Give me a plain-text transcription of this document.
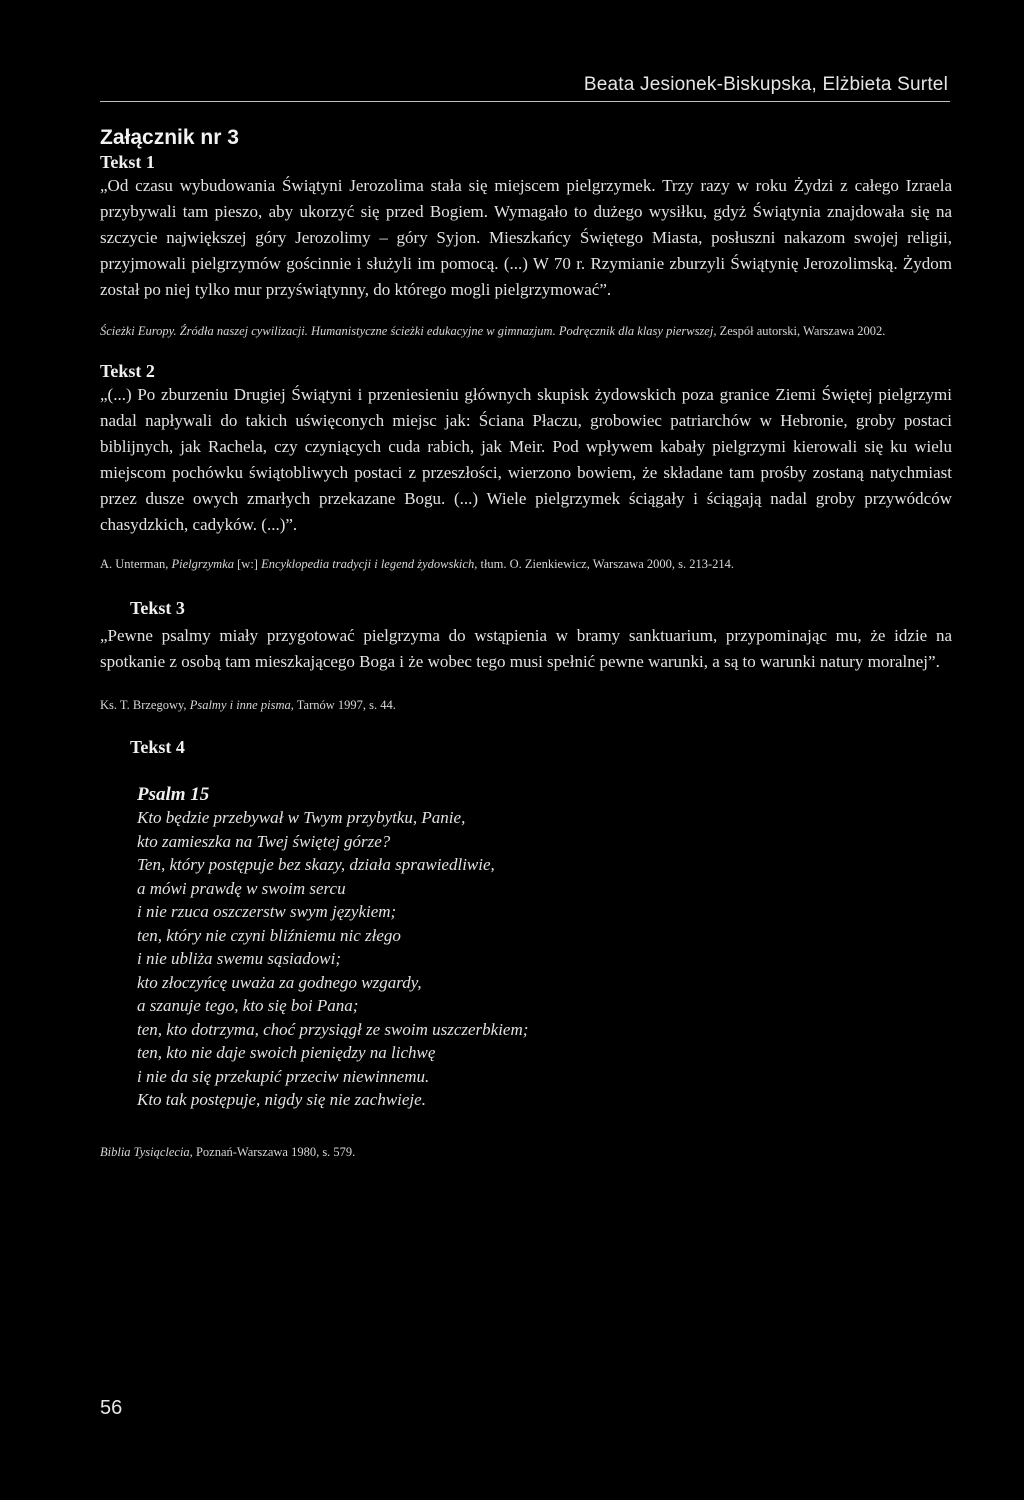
Beata Jesionek-Biskupska, Elżbieta Surtel
Załącznik nr 3
Tekst 1

„Od czasu wybudowania Świątyni Jerozolima stała się miejscem pielgrzymek. Trzy razy w roku Żydzi z całego Izraela przybywali tam pieszo, aby ukorzyć się przed Bogiem. Wymagało to dużego wysiłku, gdyż Świątynia znajdowała się na szczycie największej góry Jerozolimy – góry Syjon. Mieszkańcy Świętego Miasta, posłuszni nakazom swojej religii, przyjmowali pielgrzymów gościnnie i służyli im pomocą. (...) W 70 r. Rzymianie zburzyli Świątynię Jerozolimską. Żydom został po niej tylko mur przyświątynny, do którego mogli pielgrzymować”.

Ścieżki Europy. Źródła naszej cywilizacji. Humanistyczne ścieżki edukacyjne w gimnazjum. Podręcznik dla klasy pierwszej, Zespół autorski, Warszawa 2002.

Tekst 2

„(...) Po zburzeniu Drugiej Świątyni i przeniesieniu głównych skupisk żydowskich poza granice Ziemi Świętej pielgrzymi nadal napływali do takich uświęconych miejsc jak: Ściana Płaczu, grobowiec patriarchów w Hebronie, groby postaci biblijnych, jak Rachela, czy czyniących cuda rabich, jak Meir. Pod wpływem kabały pielgrzymi kierowali się ku wielu miejscom pochówku świątobliwych postaci z przeszłości, wierzono bowiem, że składane tam prośby zostaną natychmiast przez dusze owych zmarłych przekazane Bogu. (...) Wiele pielgrzymek ściągały i ściągają nadal groby przywódców chasydzkich, cadyków. (...)”.

A. Unterman, Pielgrzymka [w:] Encyklopedia tradycji i legend żydowskich, tłum. O. Zienkiewicz, Warszawa 2000, s. 213-214.

Tekst 3

„Pewne psalmy miały przygotować pielgrzyma do wstąpienia w bramy sanktuarium, przypominając mu, że idzie na spotkanie z osobą tam mieszkającego Boga i że wobec tego musi spełnić pewne warunki, a są to warunki natury moralnej”.

Ks. T. Brzegowy, Psalmy i inne pisma, Tarnów 1997, s. 44.

Tekst 4
Psalm 15
Kto będzie przebywał w Twym przybytku, Panie,
kto zamieszka na Twej świętej górze?
Ten, który postępuje bez skazy, działa sprawiedliwie,
a mówi prawdę w swoim sercu
i nie rzuca oszczerstw swym językiem;
ten, który nie czyni bliźniemu nic złego
i nie ubliża swemu sąsiadowi;
kto złoczyńcę uważa za godnego wzgardy,
a szanuje tego, kto się boi Pana;
ten, kto dotrzyma, choć przysiągł ze swoim uszczerbkiem;
ten, kto nie daje swoich pieniędzy na lichwę
i nie da się przekupić przeciw niewinnemu.
Kto tak postępuje, nigdy się nie zachwieje.

Biblia Tysiąclecia, Poznań-Warszawa 1980, s. 579.

56
